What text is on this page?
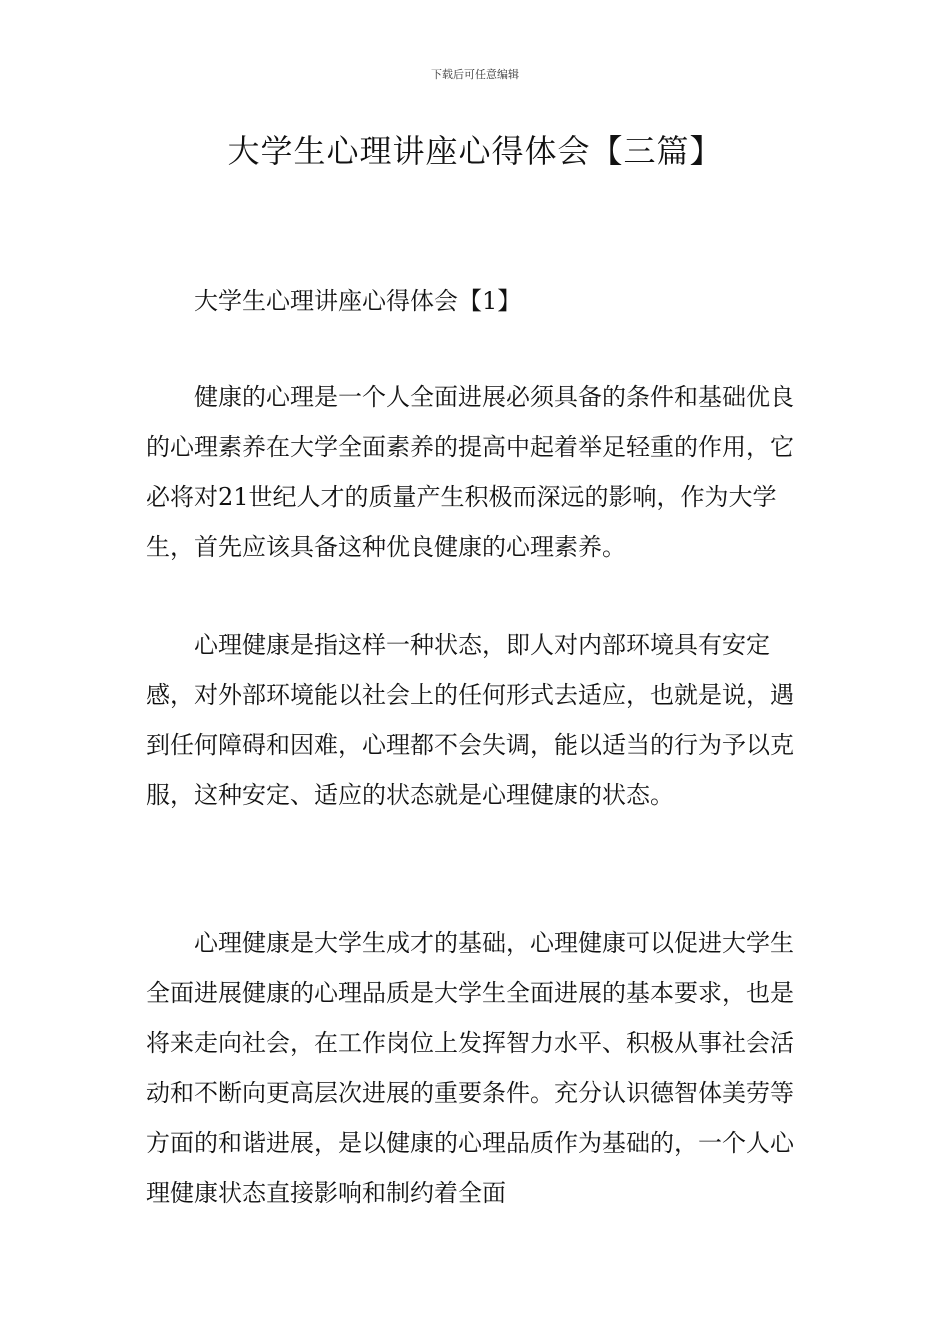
下载后可任意编辑
大学生心理讲座心得体会【三篇】

大学生心理讲座心得体会【1】

健康的心理是一个人全面进展必须具备的条件和基础优良的心理素养在大学全面素养的提高中起着举足轻重的作用，它必将对21世纪人才的质量产生积极而深远的影响，作为大学生，首先应该具备这种优良健康的心理素养。

心理健康是指这样一种状态，即人对内部环境具有安定感，对外部环境能以社会上的任何形式去适应，也就是说，遇到任何障碍和因难，心理都不会失调，能以适当的行为予以克服，这种安定、适应的状态就是心理健康的状态。

心理健康是大学生成才的基础，心理健康可以促进大学生全面进展健康的心理品质是大学生全面进展的基本要求，也是将来走向社会，在工作岗位上发挥智力水平、积极从事社会活动和不断向更高层次进展的重要条件。充分认识德智体美劳等方面的和谐进展，是以健康的心理品质作为基础的，一个人心理健康状态直接影响和制约着全面
